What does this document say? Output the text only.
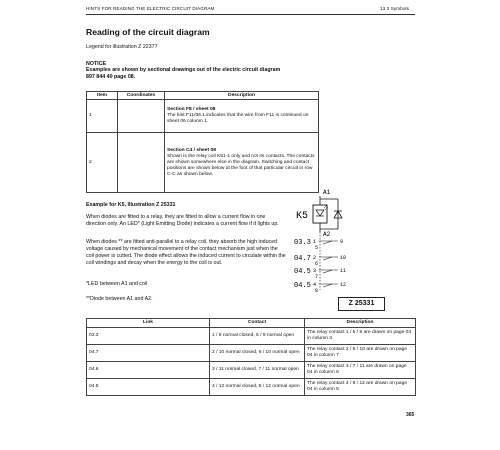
HINTS FOR READING THE ELECTRIC CIRCUIT DIAGRAM	13.3 Symbols
Reading of the circuit diagram
Legend for illustration Z 22377
NOTICE
Examples are shown by sectional drawings out of the electric circuit diagram 897 844 40 page 08.
Item	Coordinates	Description
1		Section F8 / sheet 08
The hint F11/06.1 indicates that the wire from F11 is continued on sheet 06 column 1.

2		Section C4 / sheet 08
Shown is the relay coil K51-1 only and not its contacts. The contacts are shown somewhere else in the diagram. Switching and contact positions are shown below at the foot of that particular circuit in row C-C as shown below.
Example for K5, Illustration Z 25331
When diodes are fitted to a relay, they are fitted to allow a current flow in one direction only. An LED* (Light Emitting Diode) indicates a current flow if it lights up.
When diodes ** are fitted anti-parallel to a relay coil, they absorb the high induced voltage caused by mechanical movement of the contact mechanism just when the coil power is cutted. The diode effect allows the induced current to circulate within the coil windings and decay when the energy to the coil is out.
*LED between A1 and coil
**Diode between A1 and A2.
A1
A2
K5
03.3 1
5
9
04.7 2
6
10
04.5 3
7
11
04.5 4
8
12
Z 25331
Link	Contact	Description
03.3	1 / 9 normal closed, 5 / 9 normal open	The relay contact 1 / 5 / 9 are drawn on page 03 in column 3
04.7	2 / 10 normal closed, 6 / 10 normal open	The relay contact 2 / 6 / 10 are drawn on page 04 in column 7
04.6	3 / 11 normal closed, 7 / 11 normal open	The relay contact 3 / 7 / 11 are drawn on page 04 in column 6
04.5	4 / 12 normal closed, 8 / 12 normal open	The relay contact 4 / 8 / 12 are drawn on page 04 in column 5
365
